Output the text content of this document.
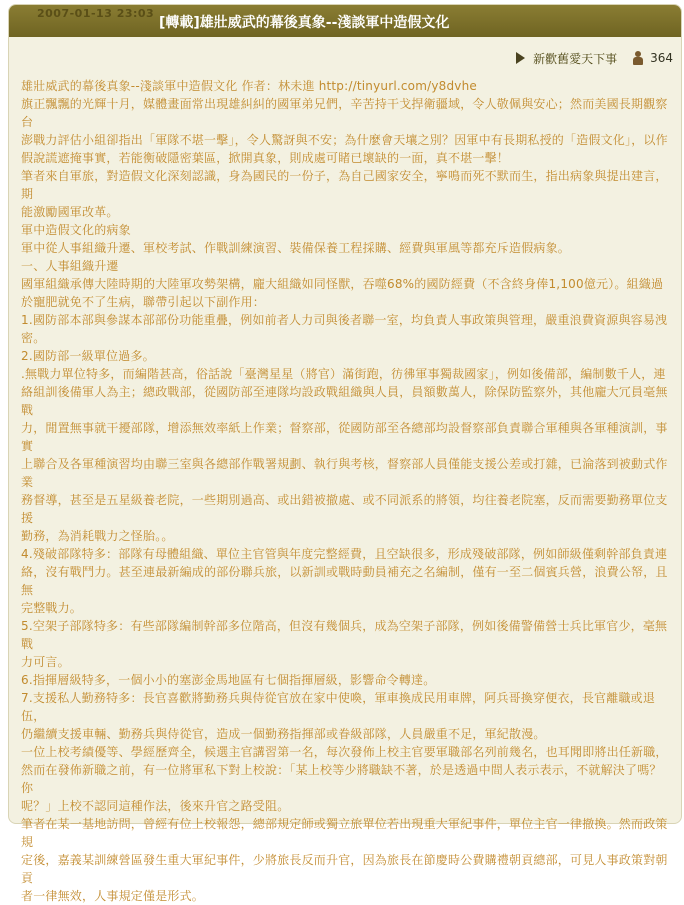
2007-01-13 23:03
[轉載]雄壯威武的幕後真象--淺談軍中造假文化
新歡舊愛天下事	364

雄壯威武的幕後真象--淺談軍中造假文化 作者：林未進 http://tinyurl.com/y8dvhe

旗正飄飄的光輝十月，媒體畫面常出現雄糾糾的國軍弟兄們，辛苦持干戈捍衛疆域，令人敬佩與安心；然而美國長期觀察台

澎戰力評估小組卻指出「軍隊不堪一擊」，令人驚訝與不安；為什麼會天壤之別？因軍中有長期私授的「造假文化」，以作

假說謊遮掩事實，若能衡破隱密葉區，掀開真象，則成處可睹已壞缺的一面，真不堪一擊！

筆者來自軍旅，對造假文化深刻認識，身為國民的一份子，為自己國家安全，寧鳴而死不默而生，指出病象與提出建言，期

能激勵國軍改革。

軍中造假文化的病象

軍中從人事組織升遷、軍校考試、作戰訓練演習、裝備保養工程採購、經費與軍風等都充斥造假病象。

一、人事組織升遷

國軍組織承傳大陸時期的大陸軍攻勢架構，龐大組織如同怪獸，吞噬68%的國防經費（不含終身俸1,100億元）。組織過

於寵肥就免不了生病，聯帶引起以下副作用：

1.國防部本部與參謀本部部份功能重疊，例如前者人力司與後者聯一室，均負責人事政策與管理，嚴重浪費資源與容易洩

密。

2.國防部一級單位過多。

.無戰力單位特多，而編階甚高，俗話說「臺灣星星（將官）滿街跑，彷彿軍事獨裁國家」，例如後備部，編制數千人，連

絡組訓後備軍人為主；總政戰部，從國防部至連隊均設政戰組織與人員，員額數萬人，除保防監察外，其他龐大冗員毫無戰

力，閒置無事就干擾部隊，增添無效率紙上作業；督察部，從國防部至各總部均設督察部負責聯合軍種與各軍種演訓，事實

上聯合及各軍種演習均由聯三室與各總部作戰署規劃、執行與考核，督察部人員僅能支援公差或打雜，已淪落到被動式作業

務督導，甚至是五星級養老院，一些期別過高、或出錯被撤處、或不同派系的將領，均往養老院塞，反而需要勤務單位支援

勤務，為消耗戰力之怪胎。。

4.殘破部隊特多：部隊有母體組織、單位主官管與年度完整經費，且空缺很多，形成殘破部隊，例如師級僅剩幹部負責連

絡，沒有戰鬥力。甚至連最新編成的部份聯兵旅，以新訓或戰時動員補充之名編制，僅有一至二個賓兵營，浪費公帑，且無

完整戰力。

5.空架子部隊特多：有些部隊編制幹部多位階高，但沒有幾個兵，成為空架子部隊，例如後備警備營士兵比軍官少，毫無戰

力可言。

6.指揮層級特多，一個小小的塞澎金馬地區有七個指揮層級，影響命令轉達。

7.支援私人勤務特多：長官喜歡將勤務兵與侍從官放在家中使喚，軍車換成民用車牌，阿兵哥換穿便衣，長官離職或退伍，

仍繼續支援車輛、勤務兵與侍從官，造成一個勤務指揮部或眷級部隊，人員嚴重不足，軍紀散漫。

一位上校考績優等、學經歷齊全，候選主官講習第一名，每次發佈上校主官要軍職部名列前幾名，也耳聞即將出任新職，

然而在發佈新職之前，有一位將軍私下對上校說：「某上校等少將職缺不著，於是透過中間人表示表示，不就解決了嗎？你

呢？」上校不認同這種作法，後來升官之路受阻。

筆者在某一基地訪問，曾經有位上校報怨，總部規定師或獨立旅單位若出現重大軍紀事件，單位主官一律撤換。然而政策規

定後，嘉義某訓練營區發生重大軍紀事件，少將旅長反而升官，因為旅長在節慶時公費購禮朝貢總部，可見人事政策對朝貢

者一律無效，人事規定僅是形式。
